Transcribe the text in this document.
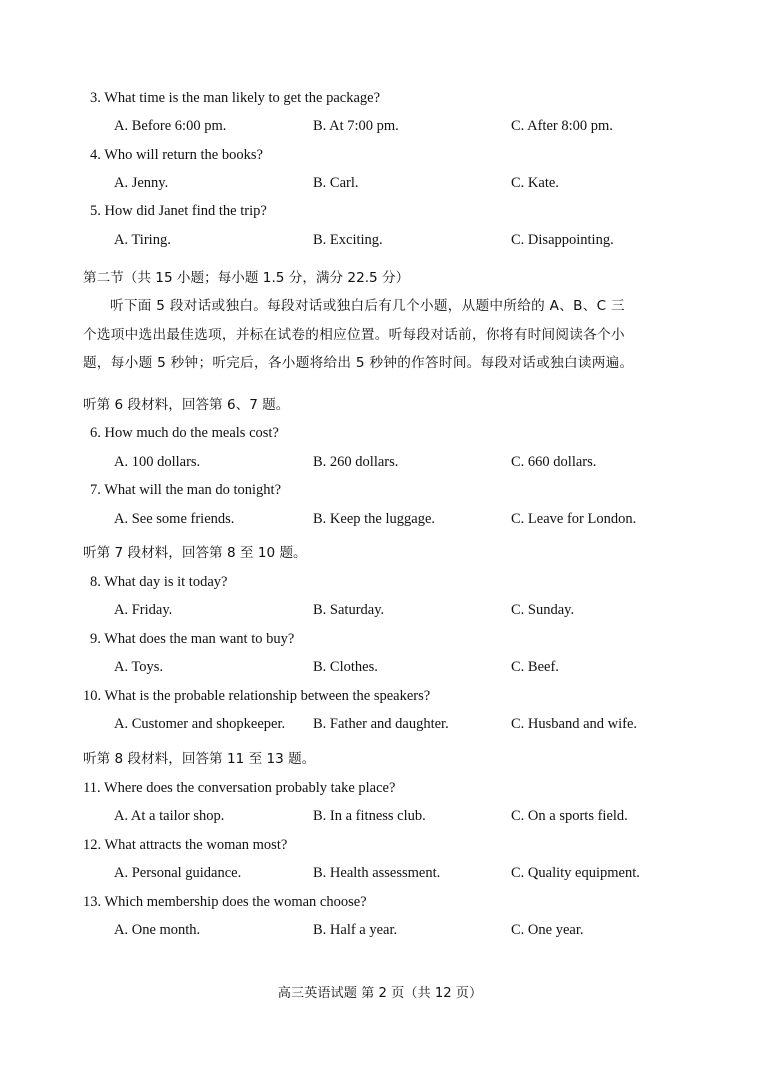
3. What time is the man likely to get the package?
A. Before 6:00 pm.	B. At 7:00 pm.	C. After 8:00 pm.
4. Who will return the books?
A. Jenny.	B. Carl.	C. Kate.
5. How did Janet find the trip?
A. Tiring.	B. Exciting.	C. Disappointing.
第二节（共 15 小题；每小题 1.5 分，满分 22.5 分）
听下面 5 段对话或独白。每段对话或独白后有几个小题，从题中所给的 A、B、C 三
个选项中选出最佳选项，并标在试卷的相应位置。听每段对话前，你将有时间阅读各个小
题，每小题 5 秒钟；听完后，各小题将给出 5 秒钟的作答时间。每段对话或独白读两遍。
听第 6 段材料，回答第 6、7 题。
6. How much do the meals cost?
A. 100 dollars.	B. 260 dollars.	C. 660 dollars.
7. What will the man do tonight?
A. See some friends.	B. Keep the luggage.	C. Leave for London.
听第 7 段材料，回答第 8 至 10 题。
8. What day is it today?
A. Friday.	B. Saturday.	C. Sunday.
9. What does the man want to buy?
A. Toys.	B. Clothes.	C. Beef.
10. What is the probable relationship between the speakers?
A. Customer and shopkeeper. B. Father and daughter.	C. Husband and wife.
听第 8 段材料，回答第 11 至 13 题。
11. Where does the conversation probably take place?
A. At a tailor shop.	B. In a fitness club.	C. On a sports field.
12. What attracts the woman most?
A. Personal guidance.	B. Health assessment.	C. Quality equipment.
13. Which membership does the woman choose?
A. One month.	B. Half a year.	C. One year.
高三英语试题 第 2 页（共 12 页）
